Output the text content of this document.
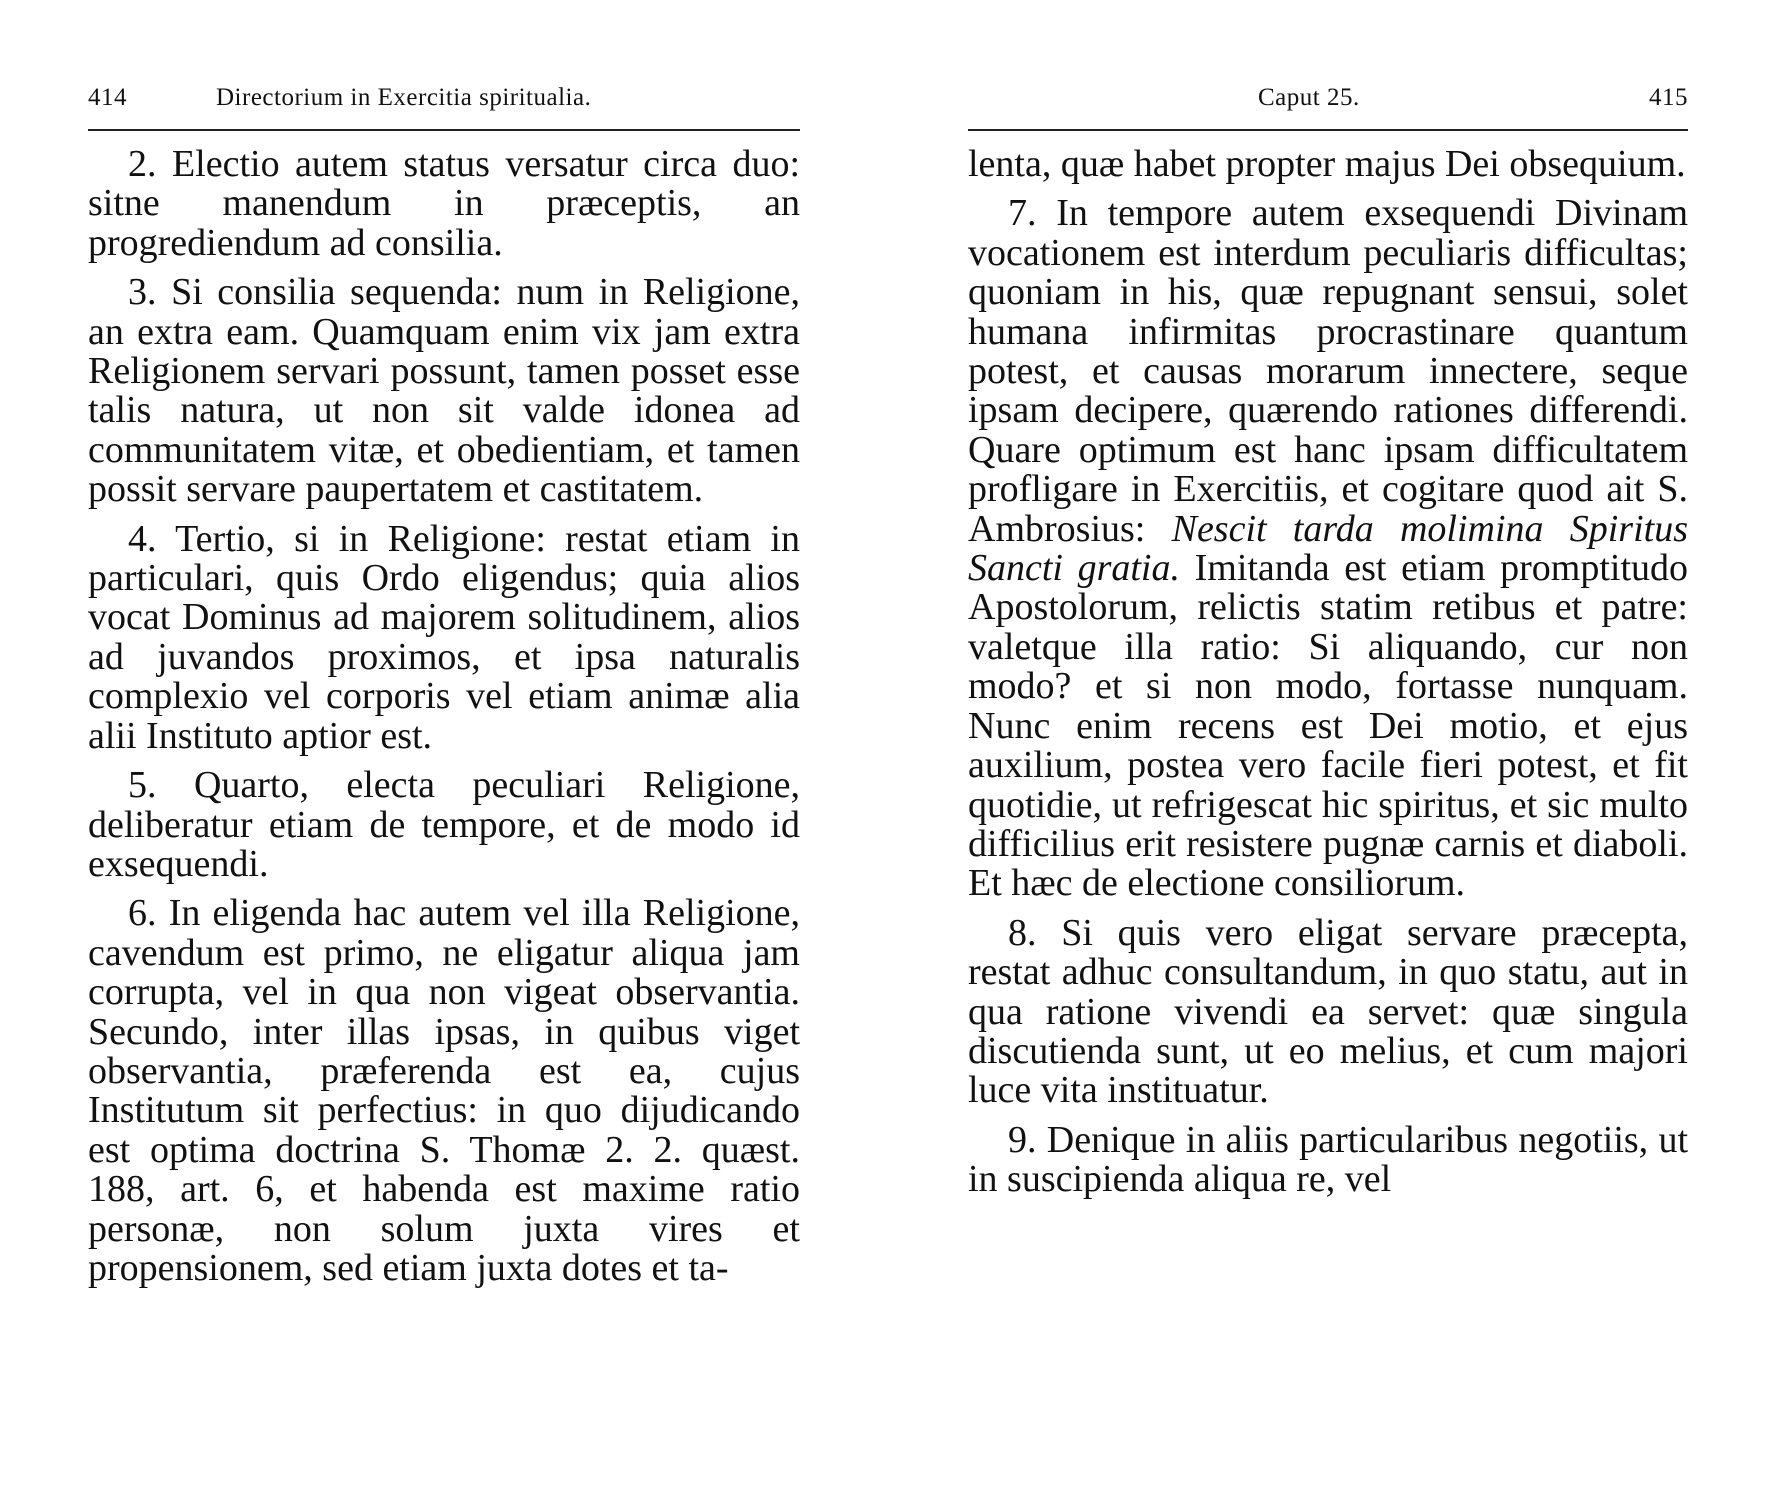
414	Directorium in Exercitia spiritualia.

2. Electio autem status versatur circa duo: sitne manendum in præceptis, an progrediendum ad consilia.

3. Si consilia sequenda: num in Religione, an extra eam. Quamquam enim vix jam extra Religionem servari possunt, tamen posset esse talis natura, ut non sit valde idonea ad communitatem vitæ, et obedientiam, et tamen possit servare paupertatem et castitatem.

4. Tertio, si in Religione: restat etiam in particulari, quis Ordo eligendus; quia alios vocat Dominus ad majorem solitudinem, alios ad juvandos proximos, et ipsa naturalis complexio vel corporis vel etiam animæ alia alii Instituto aptior est.

5. Quarto, electa peculiari Religione, deliberatur etiam de tempore, et de modo id exsequendi.

6. In eligenda hac autem vel illa Religione, cavendum est primo, ne eligatur aliqua jam corrupta, vel in qua non vigeat observantia. Secundo, inter illas ipsas, in quibus viget observantia, præferenda est ea, cujus Institutum sit perfectius: in quo dijudicando est optima doctrina S. Thomæ 2. 2. quæst. 188, art. 6, et habenda est maxime ratio personæ, non solum juxta vires et propensionem, sed etiam juxta dotes et ta-

Caput 25.	415

lenta, quæ habet propter majus Dei obsequium.

7. In tempore autem exsequendi Divinam vocationem est interdum peculiaris difficultas; quoniam in his, quæ repugnant sensui, solet humana infirmitas procrastinare quantum potest, et causas morarum innectere, seque ipsam decipere, quærendo rationes differendi. Quare optimum est hanc ipsam difficultatem profligare in Exercitiis, et cogitare quod ait S. Ambrosius: Nescit tarda molimina Spiritus Sancti gratia. Imitanda est etiam promptitudo Apostolorum, relictis statim retibus et patre: valetque illa ratio: Si aliquando, cur non modo? et si non modo, fortasse nunquam. Nunc enim recens est Dei motio, et ejus auxilium, postea vero facile fieri potest, et fit quotidie, ut refrigescat hic spiritus, et sic multo difficilius erit resistere pugnæ carnis et diaboli. Et hæc de electione consiliorum.

8. Si quis vero eligat servare præcepta, restat adhuc consultandum, in quo statu, aut in qua ratione vivendi ea servet: quæ singula discutienda sunt, ut eo melius, et cum majori luce vita instituatur.

9. Denique in aliis particularibus negotiis, ut in suscipienda aliqua re, vel
